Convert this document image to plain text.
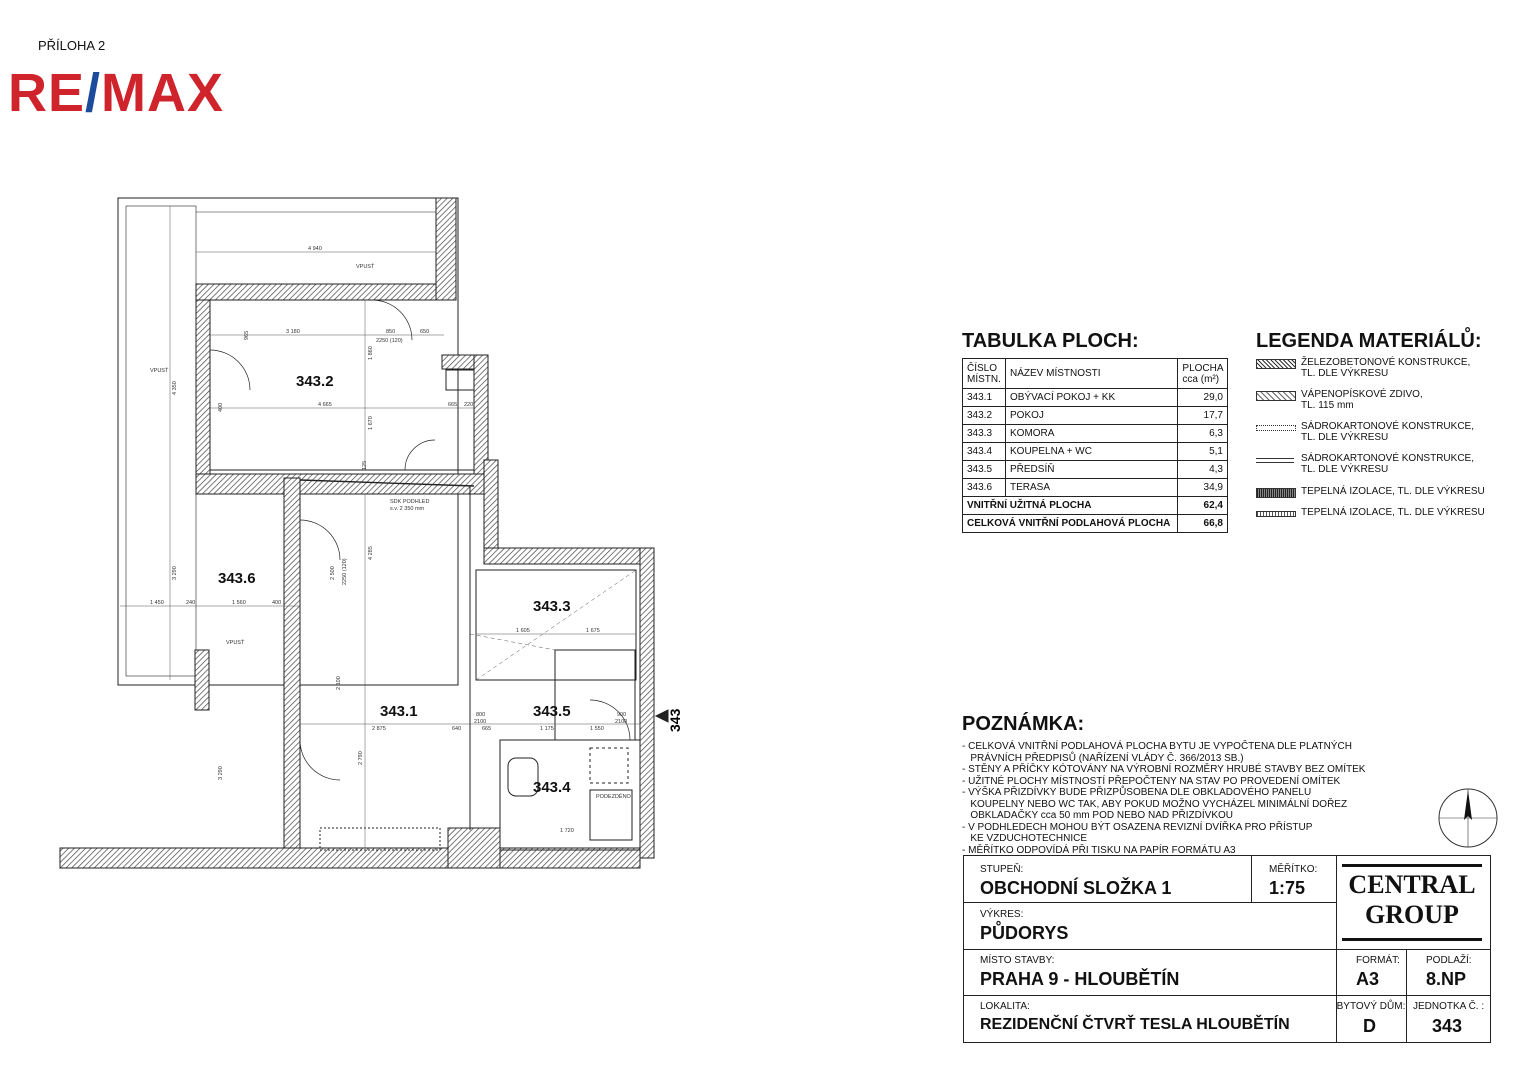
PŘÍLOHA 2
RE/MAX
343.2
343.6
343.3
343.1	343.5
343.4
343
SDK PODHLED
s.v. 2 350 mm
VPUSŤ
VPUSŤ
VPUSŤ
PODEZDĚNO
4 940
3 180	850	650
2250 (120)
4 665	665 220
1 450	240	1 560	400
2 875	640	665	1 175	1 550
1 605	1 675
1 720
900
2100
800
2100
3 290
4 350
3 290
1 860
1 670
4 285
2 100
2 790
2 500 2250 (120)
965
400
125
TABULKA PLOCH:
ČÍSLO MÍSTN.	NÁZEV MÍSTNOSTI	PLOCHA cca (m²)
343.1	OBÝVACÍ POKOJ + KK	29,0
343.2	POKOJ	17,7
343.3	KOMORA	6,3
343.4	KOUPELNA + WC	5,1
343.5	PŘEDSÍŇ	4,3
343.6	TERASA	34,9
VNITŘNÍ UŽITNÁ PLOCHA		62,4
CELKOVÁ VNITŘNÍ PODLAHOVÁ PLOCHA		66,8
LEGENDA MATERIÁLŮ:
ŽELEZOBETONOVÉ KONSTRUKCE,
TL. DLE VÝKRESU
VÁPENOPÍSKOVÉ ZDIVO,
TL. 115 mm
SÁDROKARTONOVÉ KONSTRUKCE,
TL. DLE VÝKRESU
SÁDROKARTONOVÉ KONSTRUKCE,
TL. DLE VÝKRESU
TEPELNÁ IZOLACE, TL. DLE VÝKRESU
TEPELNÁ IZOLACE, TL. DLE VÝKRESU
POZNÁMKA:
- CELKOVÁ VNITŘNÍ PODLAHOVÁ PLOCHA BYTU JE VYPOČTENA DLE PLATNÝCH
PRÁVNÍCH PŘEDPISŮ (NAŘÍZENÍ VLÁDY Č. 366/2013 SB.)
- STĚNY A PŘÍČKY KÓTOVÁNY NA VÝROBNÍ ROZMĚRY HRUBÉ STAVBY BEZ OMÍTEK
- UŽITNÉ PLOCHY MÍSTNOSTÍ PŘEPOČTENY NA STAV PO PROVEDENÍ OMÍTEK
- VÝŠKA PŘIZDÍVKY BUDE PŘIZPŮSOBENA DLE OBKLADOVÉHO PANELU
KOUPELNY NEBO WC TAK, ABY POKUD MOŽNO VYCHÁZEL MINIMÁLNÍ DOŘEZ
OBKLADAČKY cca 50 mm POD NEBO NAD PŘIZDÍVKOU
- V PODHLEDECH MOHOU BÝT OSAZENA REVIZNÍ DVÍŘKA PRO PŘÍSTUP
KE VZDUCHOTECHNICE
- MĚŘÍTKO ODPOVÍDÁ PŘI TISKU NA PAPÍR FORMÁTU A3
STUPEŇ:
OBCHODNÍ SLOŽKA 1
MĚŘÍTKO:
1:75
VÝKRES:
PŮDORYS
MÍSTO STAVBY:
PRAHA 9 - HLOUBĚTÍN
FORMÁT:
A3
PODLAŽÍ:
8.NP
LOKALITA:
REZIDENČNÍ ČTVRŤ TESLA HLOUBĚTÍN
BYTOVÝ DŮM:
D
JEDNOTKA Č. :
343
CENTRAL
GROUP
